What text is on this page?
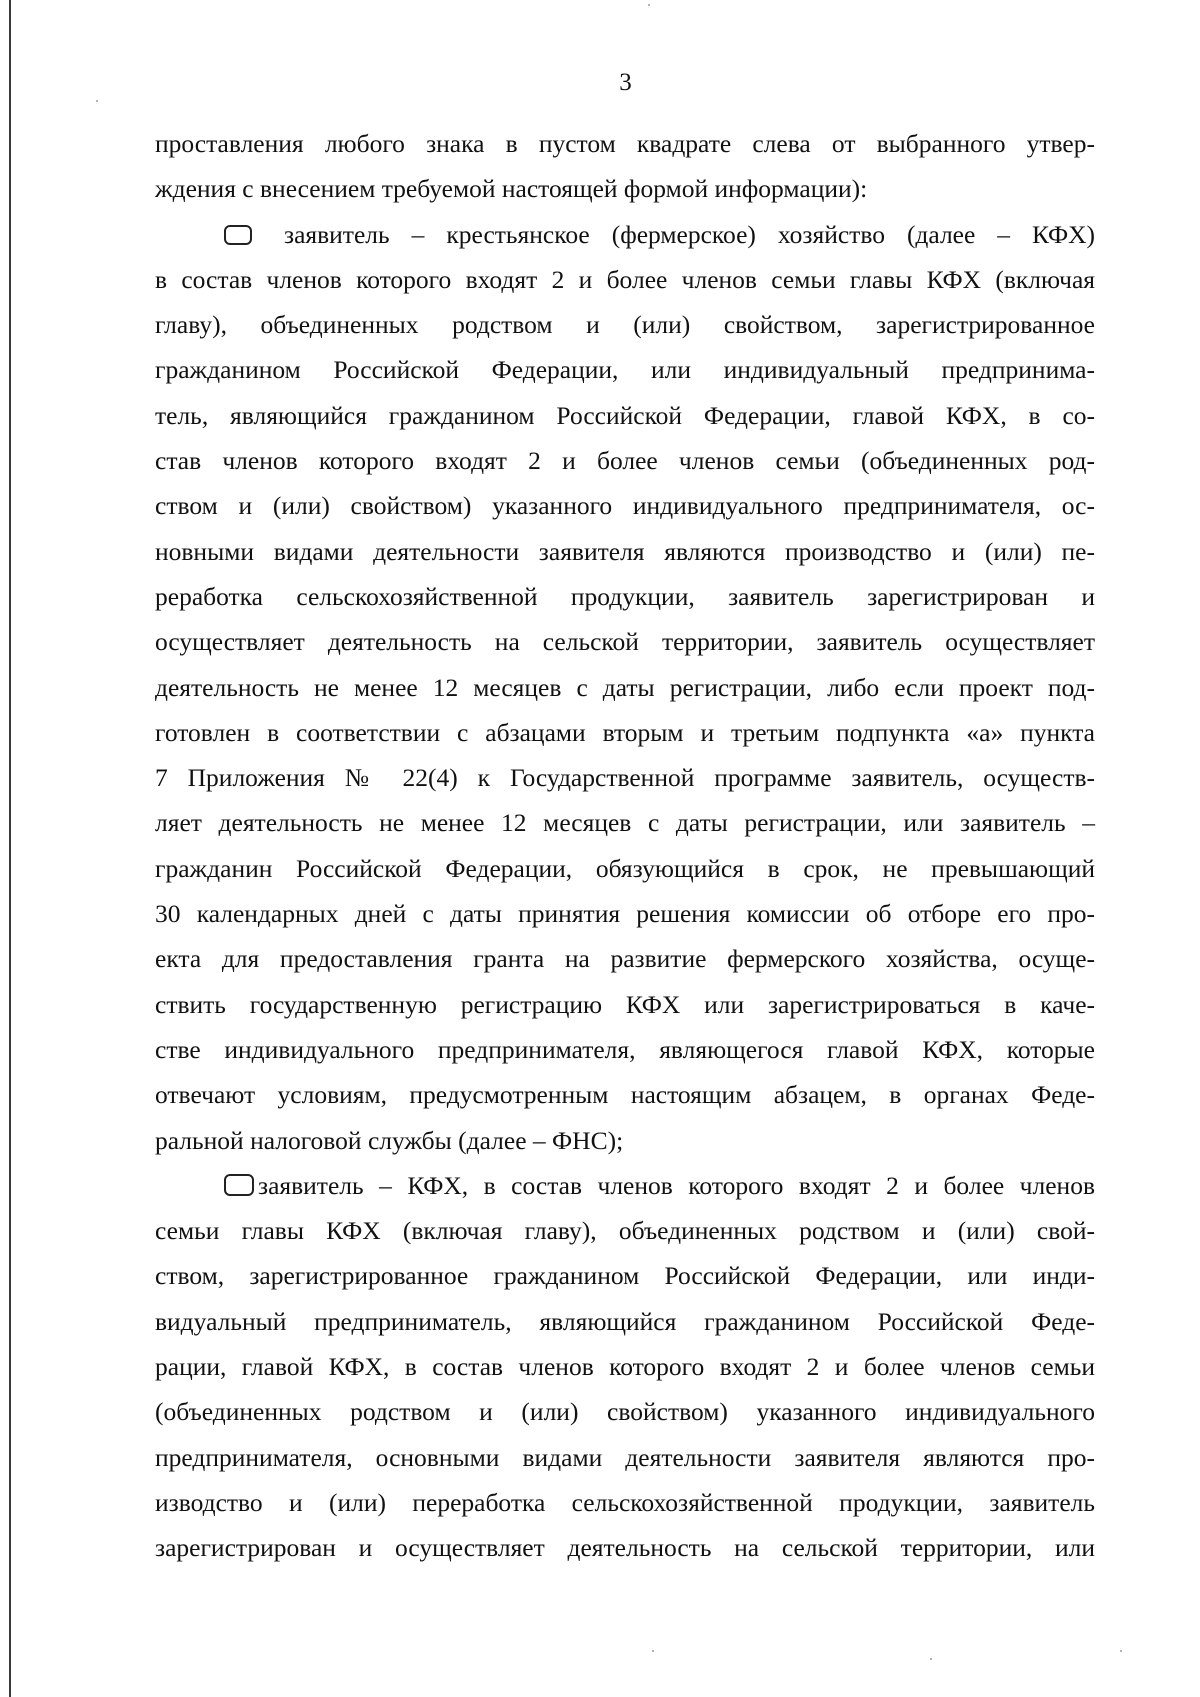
3
проставления любого знака в пустом квадрате слева от выбранного утвер-
ждения с внесением требуемой настоящей формой информации):
заявитель – крестьянское (фермерское) хозяйство (далее – КФХ)
в состав членов которого входят 2 и более членов семьи главы КФХ (включая
главу), объединенных родством и (или) свойством, зарегистрированное
гражданином Российской Федерации, или индивидуальный предпринима-
тель, являющийся гражданином Российской Федерации, главой КФХ, в со-
став членов которого входят 2 и более членов семьи (объединенных род-
ством и (или) свойством) указанного индивидуального предпринимателя, ос-
новными видами деятельности заявителя являются производство и (или) пе-
реработка сельскохозяйственной продукции, заявитель зарегистрирован и
осуществляет деятельность на сельской территории, заявитель осуществляет
деятельность не менее 12 месяцев с даты регистрации, либо если проект под-
готовлен в соответствии с абзацами вторым и третьим подпункта «а» пункта
7 Приложения № 22(4) к Государственной программе заявитель, осуществ-
ляет деятельность не менее 12 месяцев с даты регистрации, или заявитель –
гражданин Российской Федерации, обязующийся в срок, не превышающий
30 календарных дней с даты принятия решения комиссии об отборе его про-
екта для предоставления гранта на развитие фермерского хозяйства, осуще-
ствить государственную регистрацию КФХ или зарегистрироваться в каче-
стве индивидуального предпринимателя, являющегося главой КФХ, которые
отвечают условиям, предусмотренным настоящим абзацем, в органах Феде-
ральной налоговой службы (далее – ФНС);
заявитель – КФХ, в состав членов которого входят 2 и более членов
семьи главы КФХ (включая главу), объединенных родством и (или) свой-
ством, зарегистрированное гражданином Российской Федерации, или инди-
видуальный предприниматель, являющийся гражданином Российской Феде-
рации, главой КФХ, в состав членов которого входят 2 и более членов семьи
(объединенных родством и (или) свойством) указанного индивидуального
предпринимателя, основными видами деятельности заявителя являются про-
изводство и (или) переработка сельскохозяйственной продукции, заявитель
зарегистрирован и осуществляет деятельность на сельской территории, или
